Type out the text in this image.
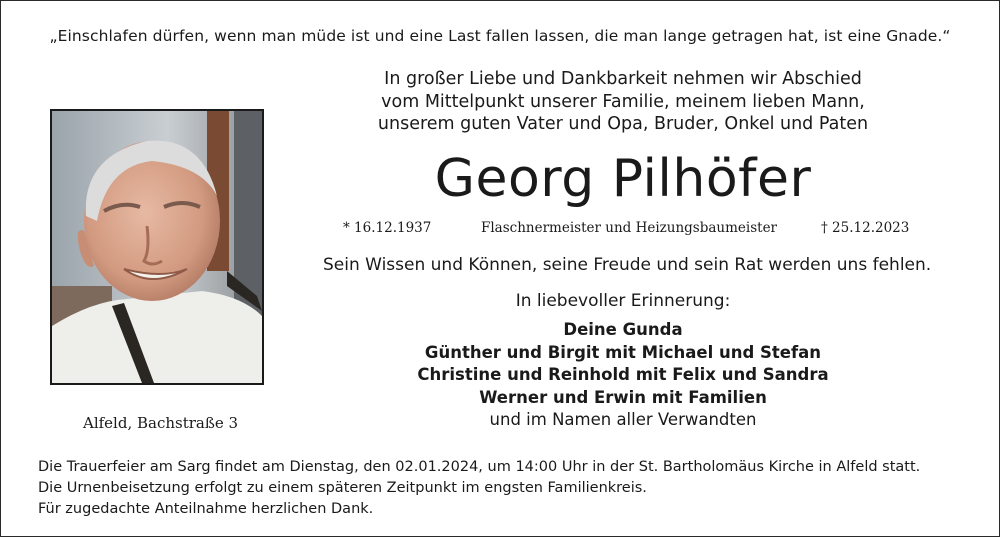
„Einschlafen dürfen, wenn man müde ist und eine Last fallen lassen, die man lange getragen hat, ist eine Gnade.“
In großer Liebe und Dankbarkeit nehmen wir Abschied
vom Mittelpunkt unserer Familie, meinem lieben Mann,
unserem guten Vater und Opa, Bruder, Onkel und Paten
Georg Pilhöfer
* 16.12.1937	Flaschnermeister und Heizungsbaumeister	† 25.12.2023
Sein Wissen und Können, seine Freude und sein Rat werden uns fehlen.
In liebevoller Erinnerung:
Deine Gunda
Günther und Birgit mit Michael und Stefan
Christine und Reinhold mit Felix und Sandra
Werner und Erwin mit Familien
und im Namen aller Verwandten
Alfeld, Bachstraße 3
Die Trauerfeier am Sarg findet am Dienstag, den 02.01.2024, um 14:00 Uhr in der St. Bartholomäus Kirche in Alfeld statt.
Die Urnenbeisetzung erfolgt zu einem späteren Zeitpunkt im engsten Familienkreis.
Für zugedachte Anteilnahme herzlichen Dank.
